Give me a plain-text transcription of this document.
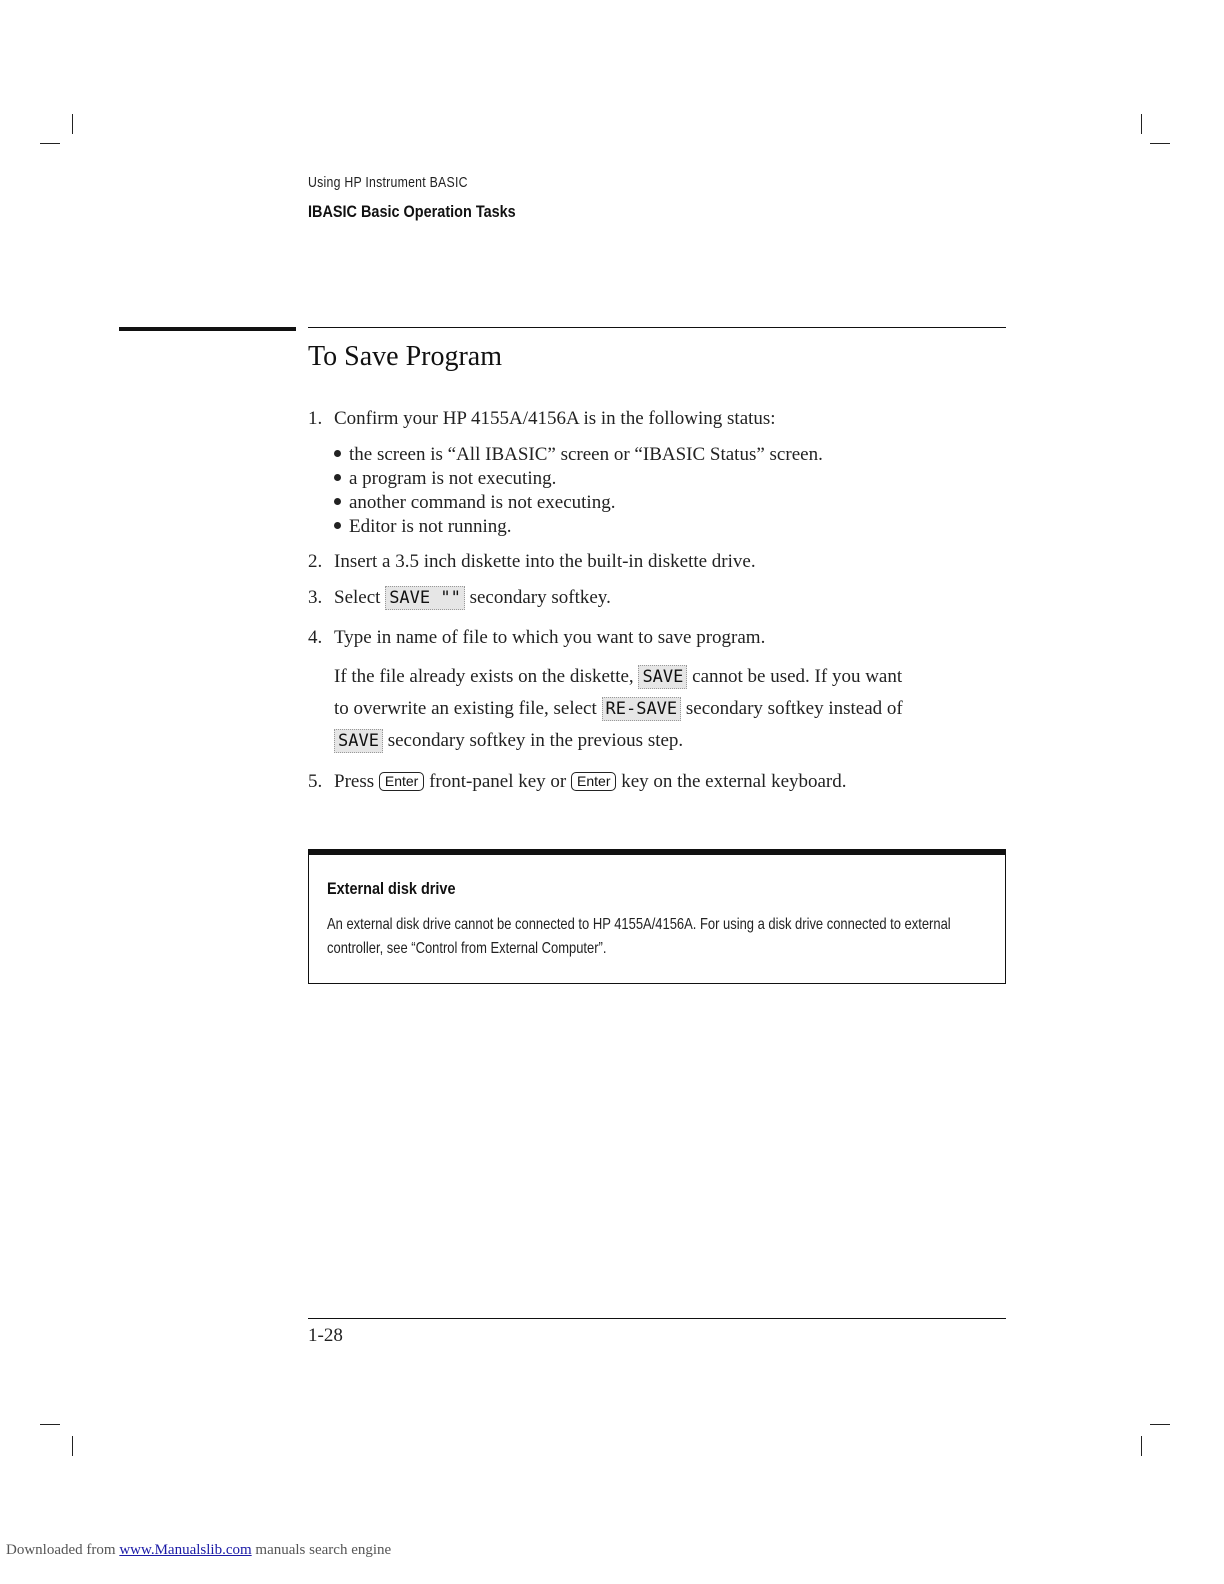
Using HP Instrument BASIC
IBASIC Basic Operation Tasks
To Save Program
1. Confirm your HP 4155A/4156A is in the following status:
the screen is “All IBASIC” screen or “IBASIC Status” screen.
a program is not executing.
another command is not executing.
Editor is not running.
2. Insert a 3.5 inch diskette into the built-in diskette drive.
3. Select SAVE "" secondary softkey.
4. Type in name of file to which you want to save program.
If the file already exists on the diskette, SAVE cannot be used. If you want
to overwrite an existing file, select RE-SAVE secondary softkey instead of
SAVE secondary softkey in the previous step.
5. Press Enter front-panel key or Enter key on the external keyboard.
External disk drive
An external disk drive cannot be connected to HP 4155A/4156A. For using a disk drive connected to external controller, see “Control from External Computer”.
1-28
Downloaded from www.Manualslib.com manuals search engine
